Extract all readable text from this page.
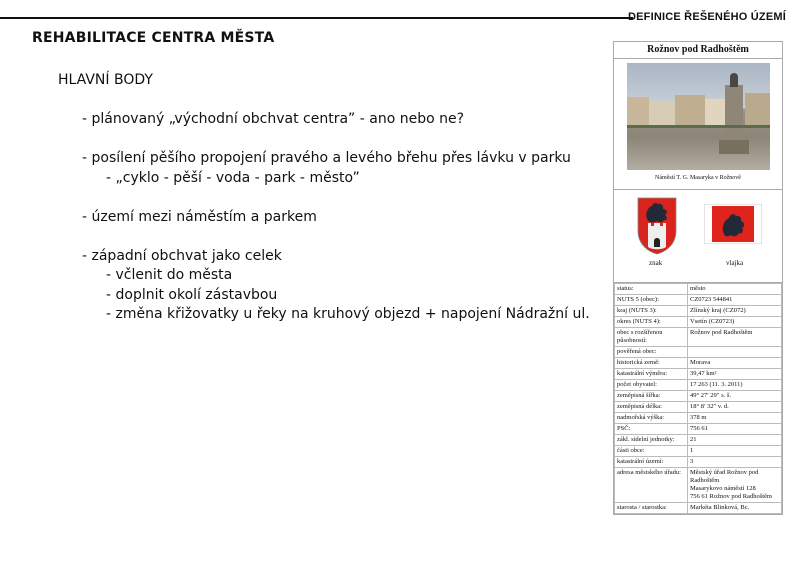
DEFINICE ŘEŠENÉHO ÚZEMÍ
REHABILITACE CENTRA MĚSTA
HLAVNÍ BODY
- plánovaný „východní obchvat centra” - ano nebo ne?
- posílení pěšího propojení pravého a levého břehu přes lávku v parku
- „cyklo - pěší - voda - park - město”
- území mezi náměstím a parkem
- západní obchvat jako celek
- včlenit do města
- doplnit okolí zástavbou
- změna křižovatky u řeky na kruhový objezd + napojení Nádražní ul.
Rožnov pod Radhoštěm
Náměstí T. G. Masaryka v Rožnově
znak	vlajka
status:	město
NUTS 5 (obec):	CZ0723 544841
kraj (NUTS 3):	Zlínský kraj (CZ072)
okres (NUTS 4):	Vsetín (CZ0723)
obec s rozšířenou působností:	Rožnov pod Radhoštěm
pověřená obec:	
historická země:	Morava
katastrální výměra:	39,47 km²
počet obyvatel:	17 263 (11. 3. 2011)
zeměpisná šířka:	49° 27′ 29″ s. š.
zeměpisná délka:	18° 8′ 32″ v. d.
nadmořská výška:	378 m
PSČ:	756 61
zákl. sídelní jednotky:	21
části obce:	1
katastrální území:	3
adresa městského úřadu:	Městský úřad Rožnov pod Radhoštěm
Masarykovo náměstí 128
756 61 Rožnov pod Radhoštěm
starosta / starostka:	Markéta Blinková, Bc.
